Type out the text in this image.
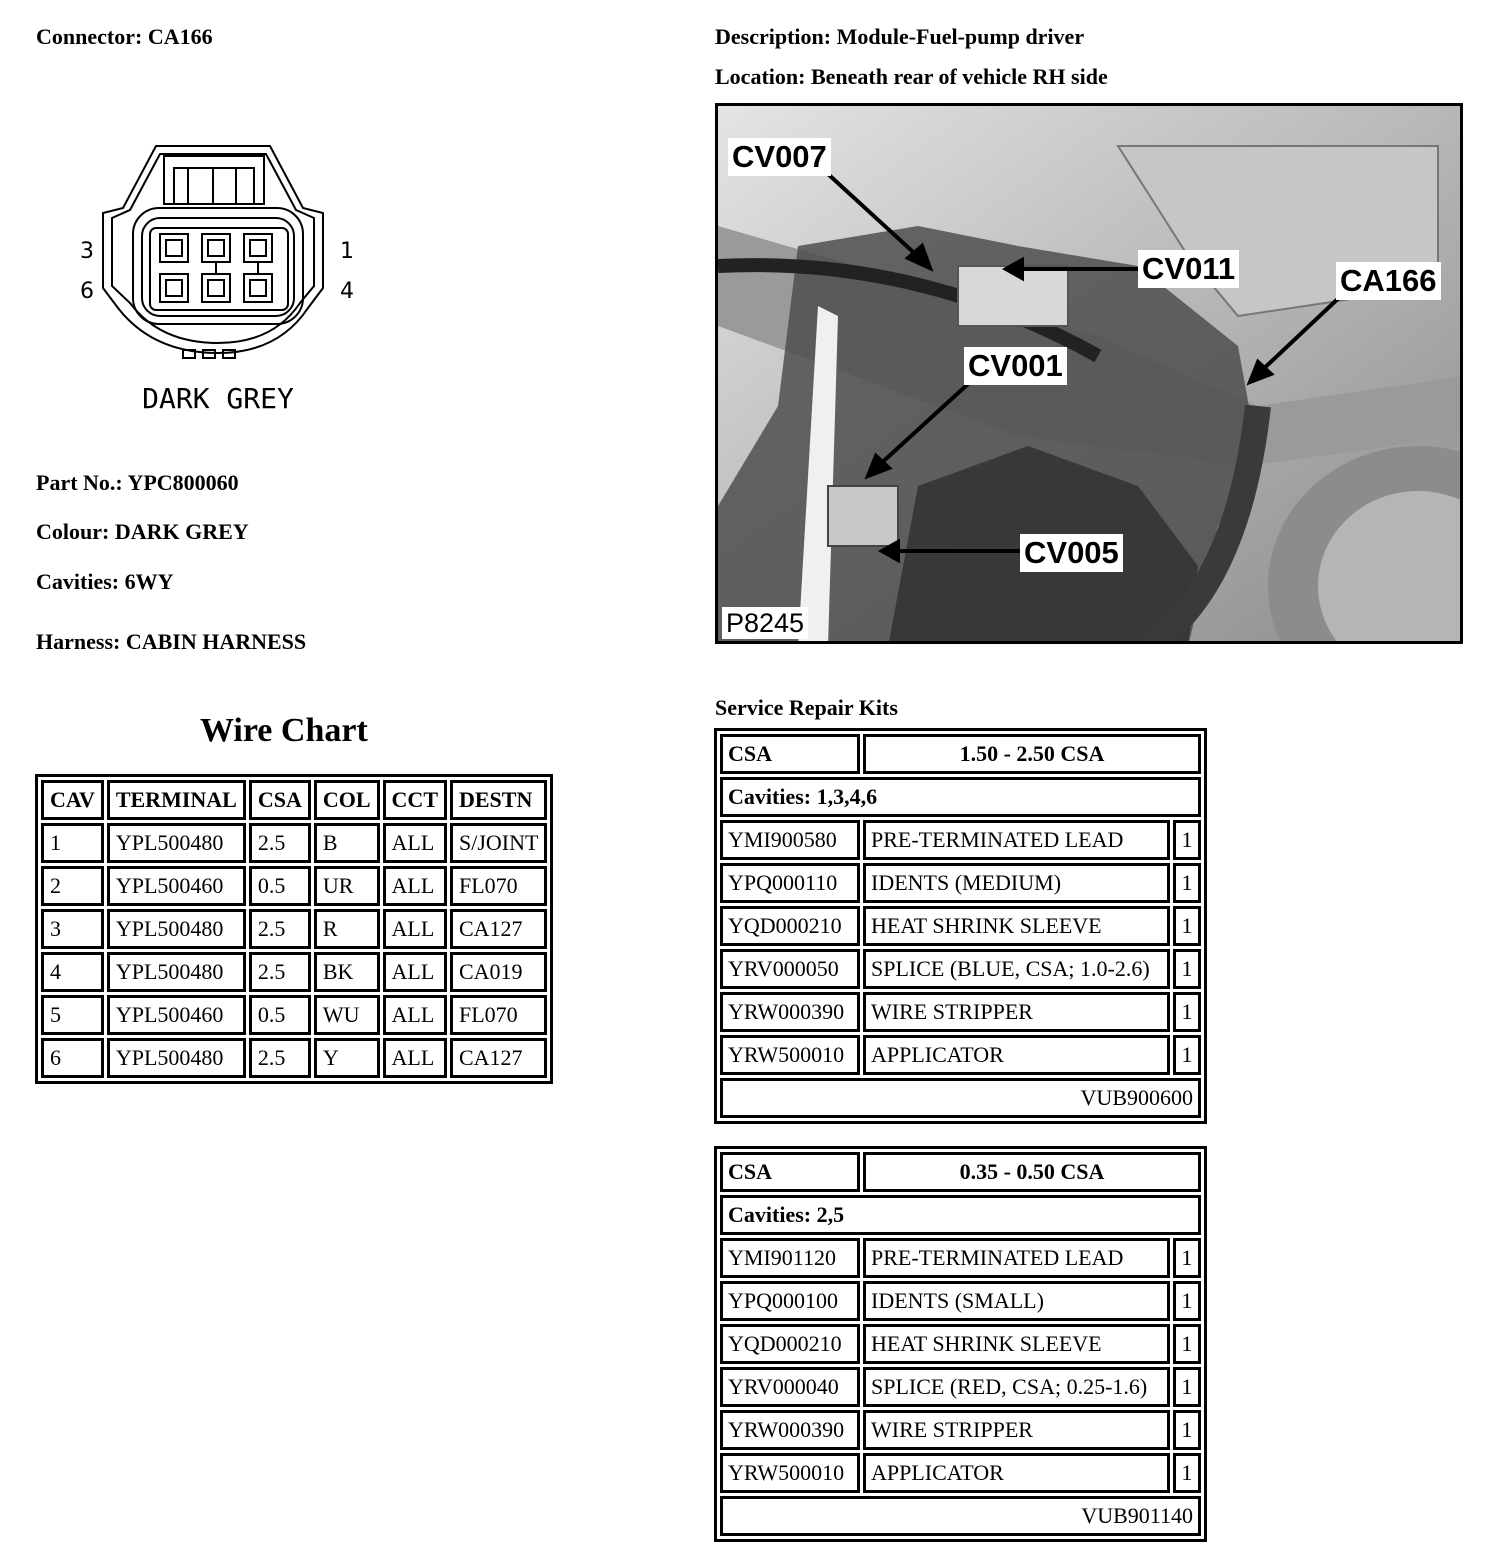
Connector: CA166	Description: Module-Fuel-pump driver
Location: Beneath rear of vehicle RH side
3
6
1
4
DARK GREY
Part No.: YPC800060
Colour: DARK GREY
Cavities: 6WY
Harness: CABIN HARNESS
Wire Chart
CAV	TERMINAL	CSA	COL	CCT	DESTN
1	YPL500480	2.5	B	ALL	S/JOINT
2	YPL500460	0.5	UR	ALL	FL070
3	YPL500480	2.5	R	ALL	CA127
4	YPL500480	2.5	BK	ALL	CA019
5	YPL500460	0.5	WU	ALL	FL070
6	YPL500480	2.5	Y	ALL	CA127
CV007
CV011	CA166
CV001
CV005
P8245
Service Repair Kits
CSA	1.50 - 2.50 CSA	
Cavities: 1,3,4,6		
YMI900580	PRE-TERMINATED LEAD	1
YPQ000110	IDENTS (MEDIUM)	1
YQD000210	HEAT SHRINK SLEEVE	1
YRV000050	SPLICE (BLUE, CSA; 1.0-2.6)	1
YRW000390	WIRE STRIPPER	1
YRW500010	APPLICATOR	1
VUB900600		
CSA	0.35 - 0.50 CSA	
Cavities: 2,5		
YMI901120	PRE-TERMINATED LEAD	1
YPQ000100	IDENTS (SMALL)	1
YQD000210	HEAT SHRINK SLEEVE	1
YRV000040	SPLICE (RED, CSA; 0.25-1.6)	1
YRW000390	WIRE STRIPPER	1
YRW500010	APPLICATOR	1
VUB901140		
